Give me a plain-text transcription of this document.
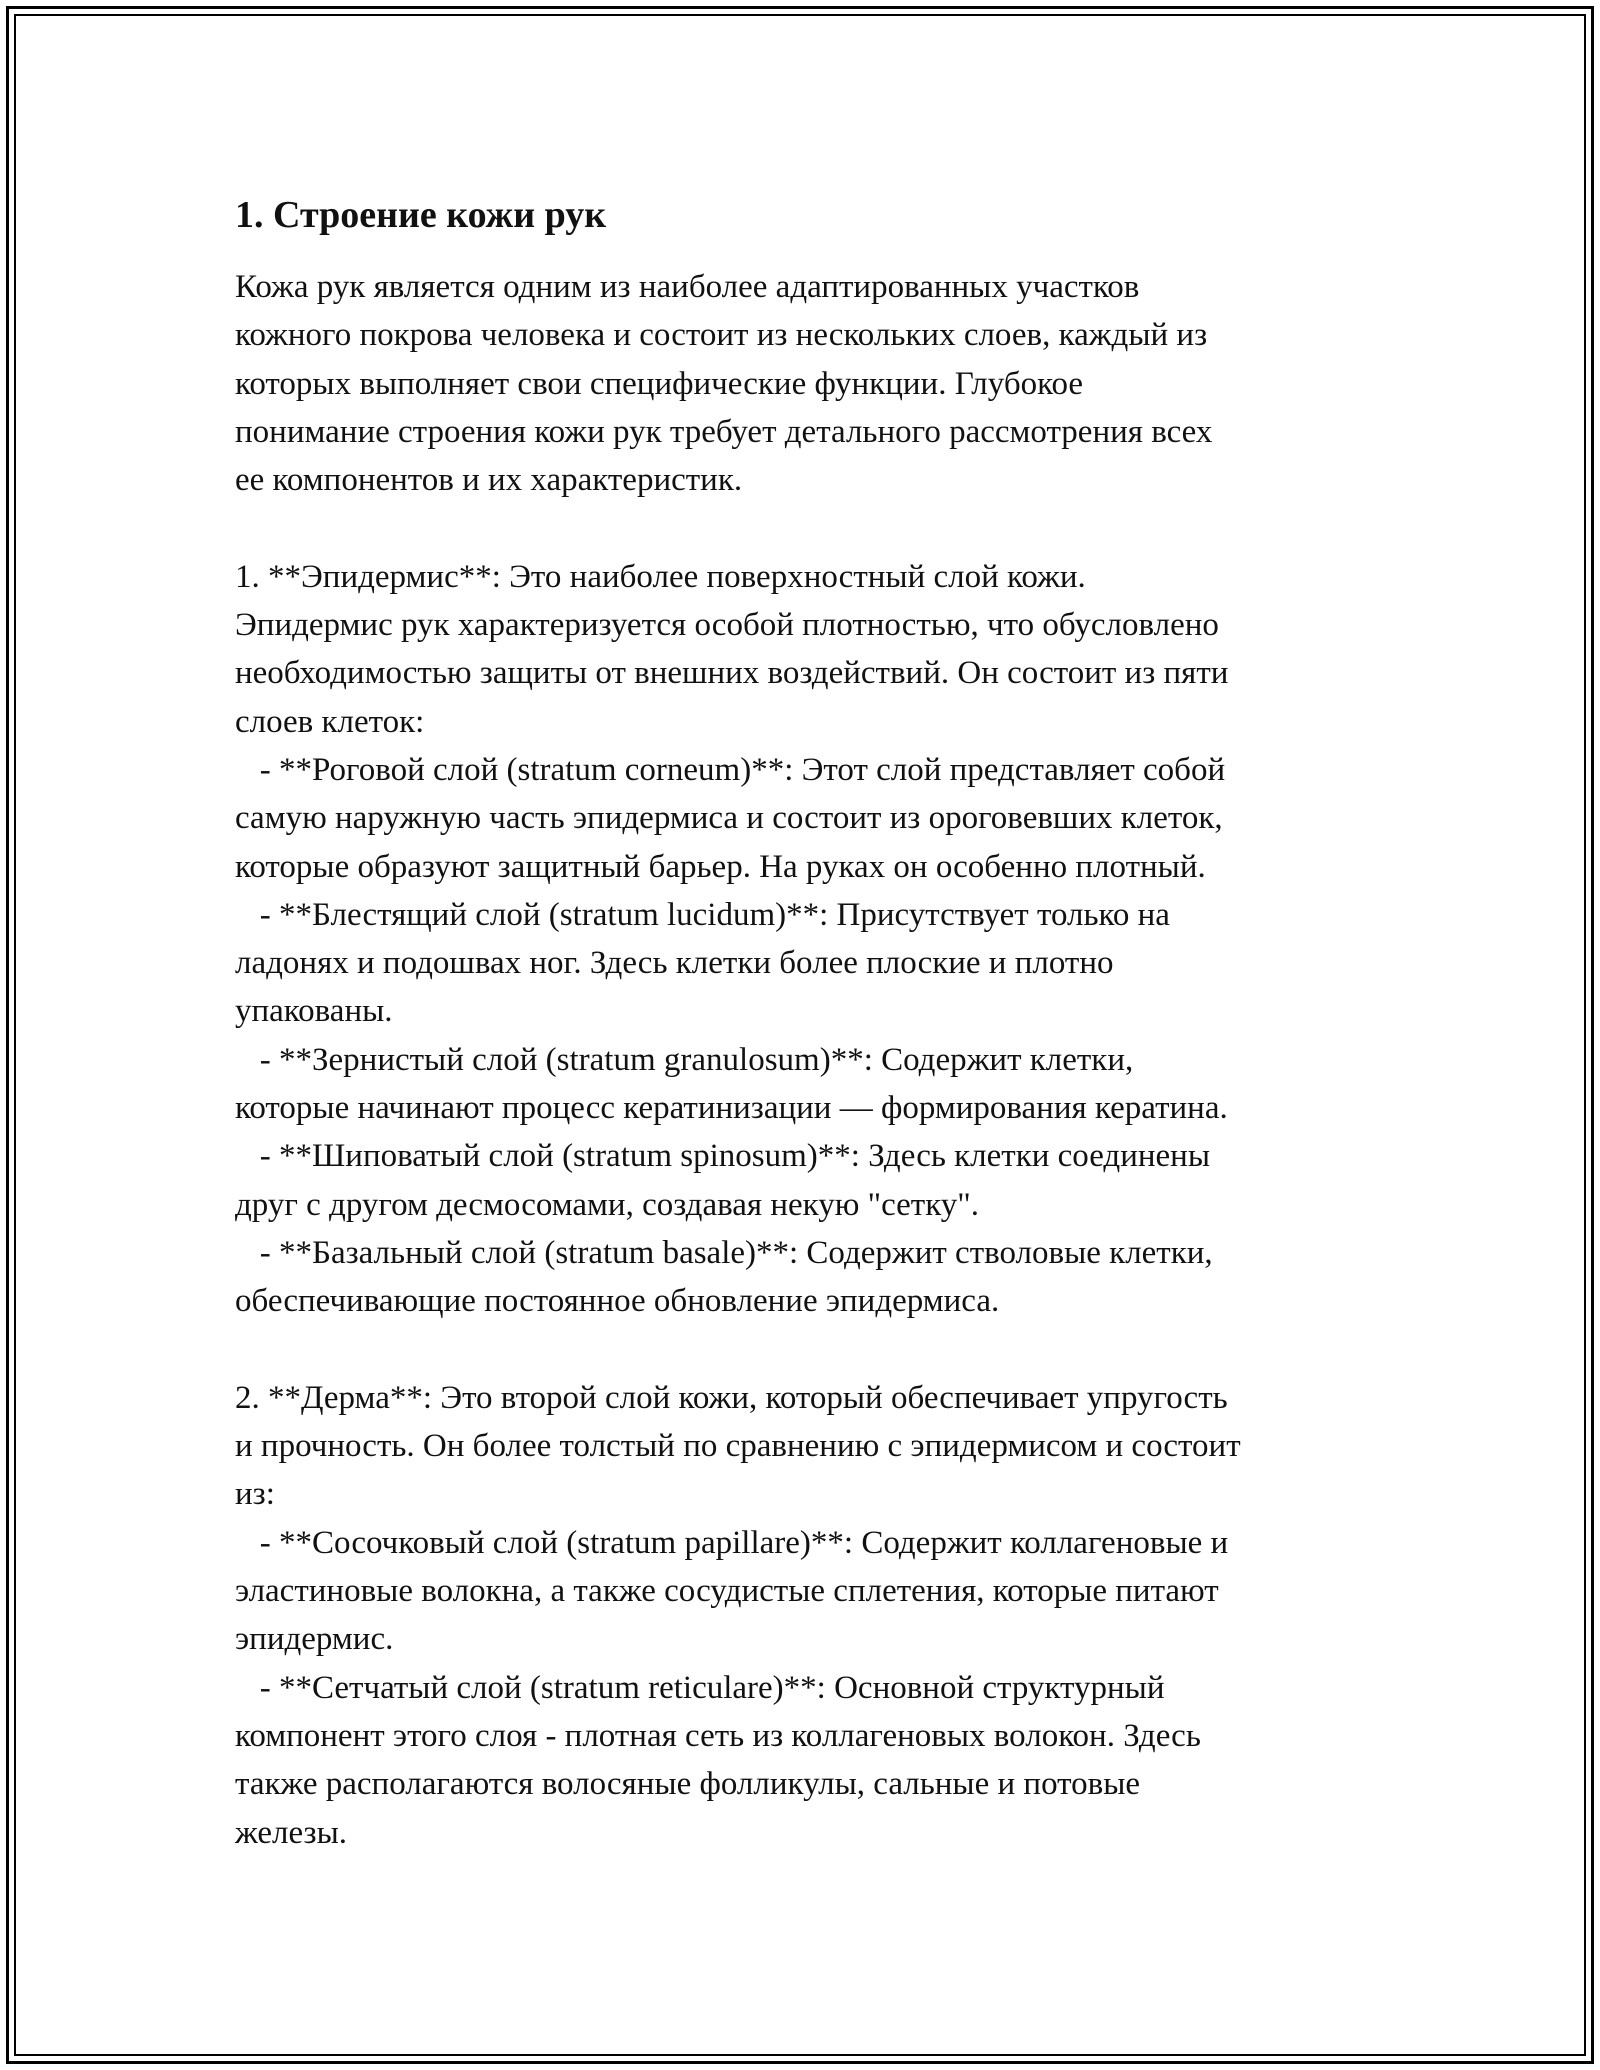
1. Строение кожи рук

Кожа рук является одним из наиболее адаптированных участков
кожного покрова человека и состоит из нескольких слоев, каждый из
которых выполняет свои специфические функции. Глубокое
понимание строения кожи рук требует детального рассмотрения всех
ее компонентов и их характеристик.

1. **Эпидермис**: Это наиболее поверхностный слой кожи.
Эпидермис рук характеризуется особой плотностью, что обусловлено
необходимостью защиты от внешних воздействий. Он состоит из пяти
слоев клеток:
- **Роговой слой (stratum corneum)**: Этот слой представляет собой
самую наружную часть эпидермиса и состоит из ороговевших клеток,
которые образуют защитный барьер. На руках он особенно плотный.
- **Блестящий слой (stratum lucidum)**: Присутствует только на
ладонях и подошвах ног. Здесь клетки более плоские и плотно
упакованы.
- **Зернистый слой (stratum granulosum)**: Содержит клетки,
которые начинают процесс кератинизации — формирования кератина.
- **Шиповатый слой (stratum spinosum)**: Здесь клетки соединены
друг с другом десмосомами, создавая некую "сетку".
- **Базальный слой (stratum basale)**: Содержит стволовые клетки,
обеспечивающие постоянное обновление эпидермиса.

2. **Дерма**: Это второй слой кожи, который обеспечивает упругость
и прочность. Он более толстый по сравнению с эпидермисом и состоит
из:
- **Сосочковый слой (stratum papillare)**: Содержит коллагеновые и
эластиновые волокна, а также сосудистые сплетения, которые питают
эпидермис.
- **Сетчатый слой (stratum reticulare)**: Основной структурный
компонент этого слоя - плотная сеть из коллагеновых волокон. Здесь
также располагаются волосяные фолликулы, сальные и потовые
железы.
